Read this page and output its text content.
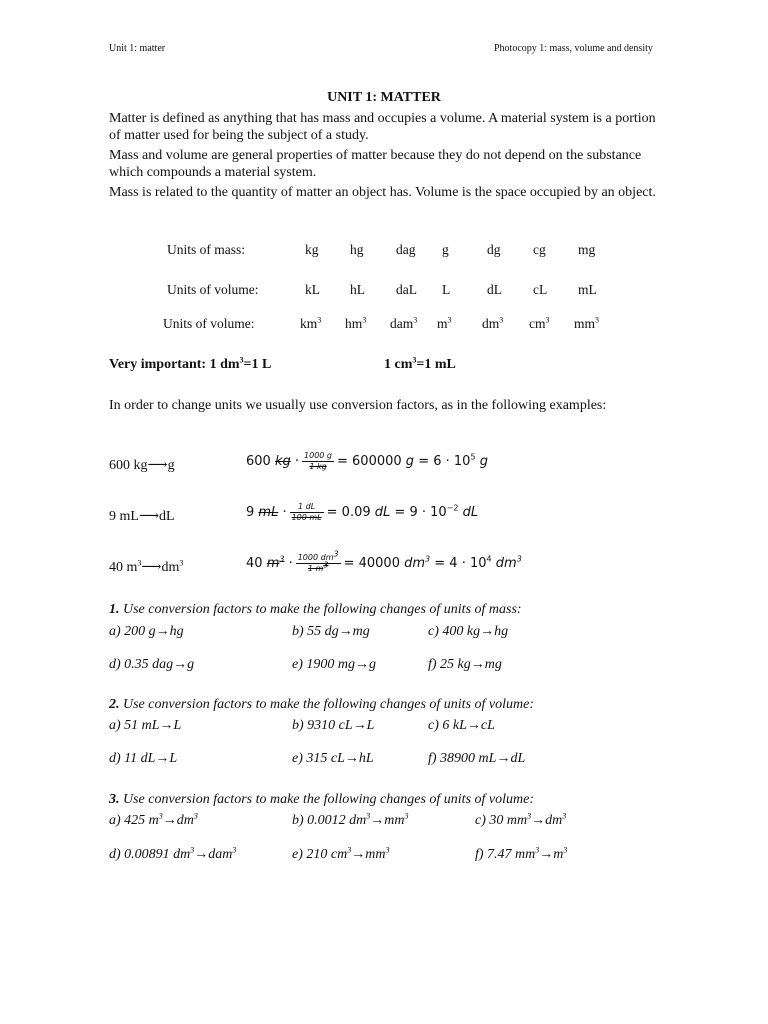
Unit 1: matter	Photocopy 1: mass, volume and density
UNIT 1: MATTER

Matter is defined as anything that has mass and occupies a volume. A material system is a portion of matter used for being the subject of a study.

Mass and volume are general properties of matter because they do not depend on the substance which compounds a material system.

Mass is related to the quantity of matter an object has. Volume is the space occupied by an object.

Units of mass:	kg hg dag g	dg cg mg
Units of volume:	kL hL daL L	dL cL mL
Units of volume:	$km^3$ $hm^3$ dam$^3$ $m^3$ $dm^3$ $cm^3$ $mm^3$
Very important: 1 $dm^3=1$ L	1 $cm^3=1$ mL

In order to change units we usually use conversion factors, as in the following examples:

600 kg⟶g	600 kg · $\frac{1000 g}{1 kg} = 600000$ $g = 6 \cdot 10^5$ g
9 mL⟶dL	9 mL · $\frac{1 dL}{100 mL} = 0.09$ dL = $9 \cdot 10^{-2}$ dL
40 $m^3⟶dm^3$	40 $m^3 \cdot \frac{1000 dm^3}{1 m^3} = 40000$ $dm^3 = 4 \cdot 10^4$ $dm^3$
1. Use conversion factors to make the following changes of units of mass:
a) 200 g→hg	b) 55 dg→mg	c) 400 kg→hg
d) 0.35 dag→g	e) 1900 mg→g	f) 25 kg→mg
2. Use conversion factors to make the following changes of units of volume:
a) 51 mL→L	b) 9310 cL→L	c) 6 kL→cL
d) 11 dL→L	e) 315 cL→hL	f) 38900 mL→dL
3. Use conversion factors to make the following changes of units of volume:
a) 425 $m^3\to dm^3$	b) 0.0012 $dm^3\to mm^3$	c) 30 $mm^3\to dm^3$
d) 0.00891 $dm^3\to dam^3$	e) 210 $cm^3\to mm^3$	f) 7.47 $mm^3\to m^3$
